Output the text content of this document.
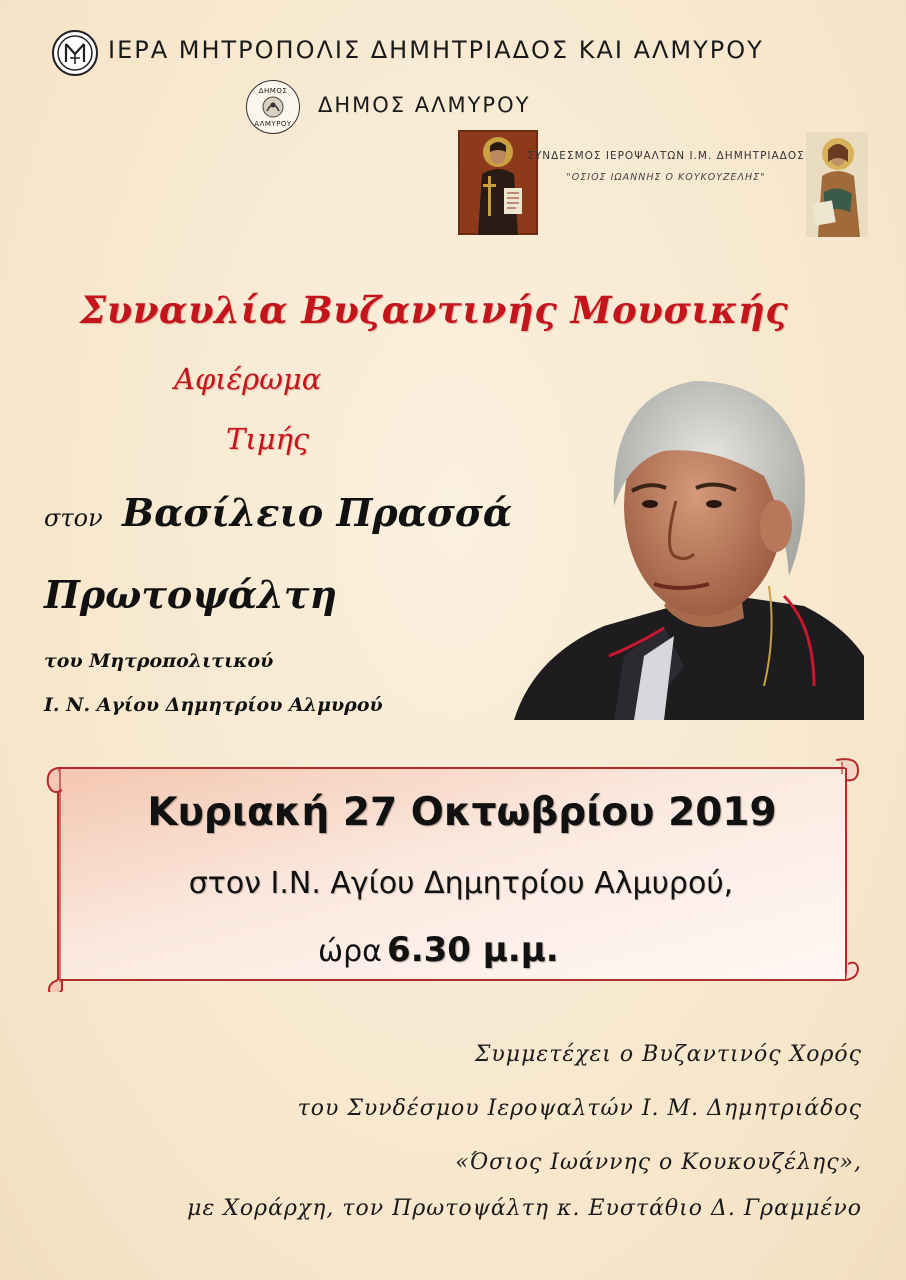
ΙΕΡΑ ΜΗΤΡΟΠΟΛΙΣ ΔΗΜΗΤΡΙΑΔΟΣ ΚΑΙ ΑΛΜΥΡΟΥ
ΔΗΜΟΣ
ΑΛΜΥΡΟΥ
ΔΗΜΟΣ ΑΛΜΥΡΟΥ
ΣΥΝΔΕΣΜΟΣ ΙΕΡΟΨΑΛΤΩΝ Ι.Μ. ΔΗΜΗΤΡΙΑΔΟΣ
"ΟΣΙΟΣ ΙΩΑΝΝΗΣ Ο ΚΟΥΚΟΥΖΕΛΗΣ"
Συναυλία Βυζαντινής Μουσικής
Αφιέρωμα
Τιμής
στον Βασίλειο Πρασσά
Πρωτοψάλτη
του Μητροπολιτικού
Ι. Ν. Αγίου Δημητρίου Αλμυρού
Κυριακή 27 Οκτωβρίου 2019
στον Ι.Ν. Αγίου Δημητρίου Αλμυρού,
ώρα 6.30 μ.μ.
Συμμετέχει ο Βυζαντινός Χορός
του Συνδέσμου Ιεροψαλτών Ι. Μ. Δημητριάδος
«Όσιος Ιωάννης ο Κουκουζέλης»,
με Χοράρχη, τον Πρωτοψάλτη κ. Ευστάθιο Δ. Γραμμένο
